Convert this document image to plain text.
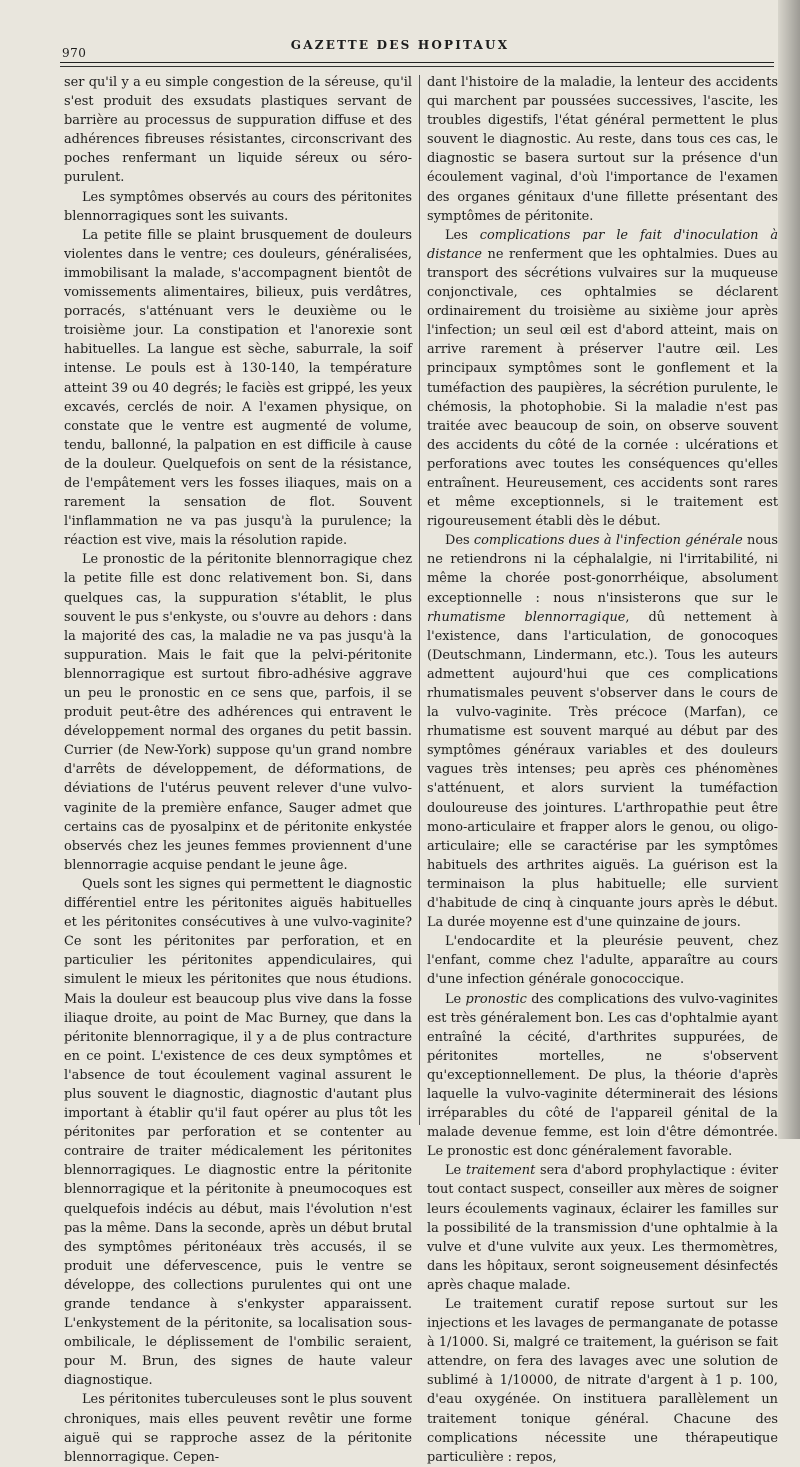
970
GAZETTE DES HOPITAUX

ser qu'il y a eu simple congestion de la séreuse, qu'il s'est produit des exsudats plastiques servant de barrière au processus de suppuration diffuse et des adhérences fibreuses résistantes, circonscrivant des poches renfermant un liquide séreux ou séro-purulent.

Les symptômes observés au cours des péritonites blennorragiques sont les suivants.

La petite fille se plaint brusquement de douleurs violentes dans le ventre; ces douleurs, généralisées, immobilisant la malade, s'accompagnent bientôt de vomissements alimentaires, bilieux, puis verdâtres, porracés, s'atténuant vers le deuxième ou le troisième jour. La constipation et l'anorexie sont habituelles. La langue est sèche, saburrale, la soif intense. Le pouls est à 130-140, la température atteint 39 ou 40 degrés; le faciès est grippé, les yeux excavés, cerclés de noir. A l'examen physique, on constate que le ventre est augmenté de volume, tendu, ballonné, la palpation en est difficile à cause de la douleur. Quelquefois on sent de la résistance, de l'empâtement vers les fosses iliaques, mais on a rarement la sensation de flot. Souvent l'inflammation ne va pas jusqu'à la purulence; la réaction est vive, mais la résolution rapide.

Le pronostic de la péritonite blennorragique chez la petite fille est donc relativement bon. Si, dans quelques cas, la suppuration s'établit, le plus souvent le pus s'enkyste, ou s'ouvre au dehors : dans la majorité des cas, la maladie ne va pas jusqu'à la suppuration. Mais le fait que la pelvi-péritonite blennorragique est surtout fibro-adhésive aggrave un peu le pronostic en ce sens que, parfois, il se produit peut-être des adhérences qui entravent le développement normal des organes du petit bassin. Currier (de New-York) suppose qu'un grand nombre d'arrêts de développement, de déformations, de déviations de l'utérus peuvent relever d'une vulvo-vaginite de la première enfance, Sauger admet que certains cas de pyosalpinx et de péritonite enkystée observés chez les jeunes femmes proviennent d'une blennorragie acquise pendant le jeune âge.

Quels sont les signes qui permettent le diagnostic différentiel entre les péritonites aiguës habituelles et les péritonites consécutives à une vulvo-vaginite? Ce sont les péritonites par perforation, et en particulier les péritonites appendiculaires, qui simulent le mieux les péritonites que nous étudions. Mais la douleur est beaucoup plus vive dans la fosse iliaque droite, au point de Mac Burney, que dans la péritonite blennorragique, il y a de plus contracture en ce point. L'existence de ces deux symptômes et l'absence de tout écoulement vaginal assurent le plus souvent le diagnostic, diagnostic d'autant plus important à établir qu'il faut opérer au plus tôt les péritonites par perforation et se contenter au contraire de traiter médicalement les péritonites blennorragiques. Le diagnostic entre la péritonite blennorragique et la péritonite à pneumocoques est quelquefois indécis au début, mais l'évolution n'est pas la même. Dans la seconde, après un début brutal des symptômes péritonéaux très accusés, il se produit une défervescence, puis le ventre se développe, des collections purulentes qui ont une grande tendance à s'enkyster apparaissent. L'enkystement de la péritonite, sa localisation sous-ombilicale, le déplissement de l'ombilic seraient, pour M. Brun, des signes de haute valeur diagnostique.

Les péritonites tuberculeuses sont le plus souvent chroniques, mais elles peuvent revêtir une forme aiguë qui se rapproche assez de la péritonite blennorragique. Cepen-

dant l'histoire de la maladie, la lenteur des accidents qui marchent par poussées successives, l'ascite, les troubles digestifs, l'état général permettent le plus souvent le diagnostic. Au reste, dans tous ces cas, le diagnostic se basera surtout sur la présence d'un écoulement vaginal, d'où l'importance de l'examen des organes génitaux d'une fillette présentant des symptômes de péritonite.

Les complications par le fait d'inoculation à distance ne renferment que les ophtalmies. Dues au transport des sécrétions vulvaires sur la muqueuse conjonctivale, ces ophtalmies se déclarent ordinairement du troisième au sixième jour après l'infection; un seul œil est d'abord atteint, mais on arrive rarement à préserver l'autre œil. Les principaux symptômes sont le gonflement et la tuméfaction des paupières, la sécrétion purulente, le chémosis, la photophobie. Si la maladie n'est pas traitée avec beaucoup de soin, on observe souvent des accidents du côté de la cornée : ulcérations et perforations avec toutes les conséquences qu'elles entraînent. Heureusement, ces accidents sont rares et même exceptionnels, si le traitement est rigoureusement établi dès le début.

Des complications dues à l'infection générale nous ne retiendrons ni la céphalalgie, ni l'irritabilité, ni même la chorée post-gonorrhéique, absolument exceptionnelle : nous n'insisterons que sur le rhumatisme blennorragique, dû nettement à l'existence, dans l'articulation, de gonocoques (Deutschmann, Lindermann, etc.). Tous les auteurs admettent aujourd'hui que ces complications rhumatismales peuvent s'observer dans le cours de la vulvo-vaginite. Très précoce (Marfan), ce rhumatisme est souvent marqué au début par des symptômes généraux variables et des douleurs vagues très intenses; peu après ces phénomènes s'atténuent, et alors survient la tuméfaction douloureuse des jointures. L'arthropathie peut être mono-articulaire et frapper alors le genou, ou oligo-articulaire; elle se caractérise par les symptômes habituels des arthrites aiguës. La guérison est la terminaison la plus habituelle; elle survient d'habitude de cinq à cinquante jours après le début. La durée moyenne est d'une quinzaine de jours.

L'endocardite et la pleurésie peuvent, chez l'enfant, comme chez l'adulte, apparaître au cours d'une infection générale gonococcique.

Le pronostic des complications des vulvo-vaginites est très généralement bon. Les cas d'ophtalmie ayant entraîné la cécité, d'arthrites suppurées, de péritonites mortelles, ne s'observent qu'exceptionnellement. De plus, la théorie d'après laquelle la vulvo-vaginite déterminerait des lésions irréparables du côté de l'appareil génital de la malade devenue femme, est loin d'être démontrée. Le pronostic est donc généralement favorable.

Le traitement sera d'abord prophylactique : éviter tout contact suspect, conseiller aux mères de soigner leurs écoulements vaginaux, éclairer les familles sur la possibilité de la transmission d'une ophtalmie à la vulve et d'une vulvite aux yeux. Les thermomètres, dans les hôpitaux, seront soigneusement désinfectés après chaque malade.

Le traitement curatif repose surtout sur les injections et les lavages de permanganate de potasse à 1/1000. Si, malgré ce traitement, la guérison se fait attendre, on fera des lavages avec une solution de sublimé à 1/10000, de nitrate d'argent à 1 p. 100, d'eau oxygénée. On instituera parallèlement un traitement tonique général. Chacune des complications nécessite une thérapeutique particulière : repos,
